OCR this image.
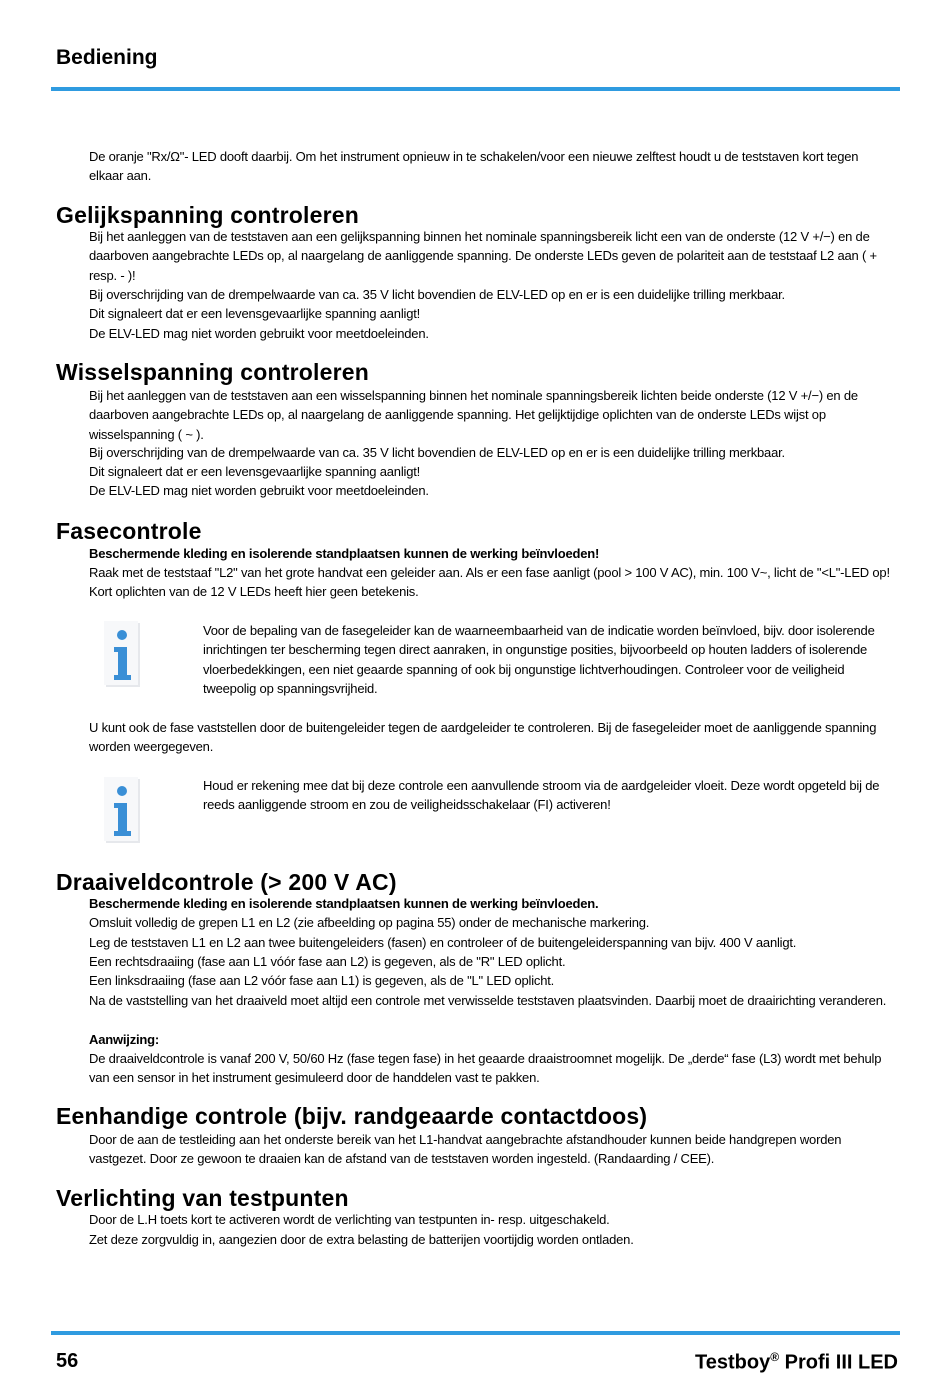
Bediening
De oranje "Rx/Ω"- LED dooft daarbij. Om het instrument opnieuw in te schakelen/voor een nieuwe zelftest houdt u de teststaven kort tegen elkaar aan.
Gelijkspanning controleren
Bij het aanleggen van de teststaven aan een gelijkspanning binnen het nominale spanningsbereik licht een van de onderste (12 V +/−) en de daarboven aangebrachte LEDs op, al naargelang de aanliggende spanning. De onderste LEDs geven de polariteit aan de teststaaf L2 aan ( + resp. - )!
Bij overschrijding van de drempelwaarde van ca. 35 V licht bovendien de ELV-LED op en er is een duidelijke trilling merkbaar.
Dit signaleert dat er een levensgevaarlijke spanning aanligt!
De ELV-LED mag niet worden gebruikt voor meetdoeleinden.
Wisselspanning controleren
Bij het aanleggen van de teststaven aan een wisselspanning binnen het nominale spanningsbereik lichten beide onderste (12 V +/−) en de daarboven aangebrachte LEDs op, al naargelang de aanliggende spanning. Het gelijktijdige oplichten van de onderste LEDs wijst op wisselspanning ( ~ ).
Bij overschrijding van de drempelwaarde van ca. 35 V licht bovendien de ELV-LED op en er is een duidelijke trilling merkbaar.
Dit signaleert dat er een levensgevaarlijke spanning aanligt!
De ELV-LED mag niet worden gebruikt voor meetdoeleinden.
Fasecontrole
Beschermende kleding en isolerende standplaatsen kunnen de werking beïnvloeden!
Raak met de teststaaf "L2" van het grote handvat een geleider aan. Als er een fase aanligt (pool > 100 V AC), min. 100 V~, licht de "<L"-LED op! Kort oplichten van de 12 V LEDs heeft hier geen betekenis.
Voor de bepaling van de fasegeleider kan de waarneembaarheid van de indicatie worden beïnvloed, bijv. door isolerende inrichtingen ter bescherming tegen direct aanraken, in ongunstige posities, bijvoorbeeld op houten ladders of isolerende vloerbedekkingen, een niet geaarde spanning of ook bij ongunstige lichtverhoudingen. Controleer voor de veiligheid tweepolig op spanningsvrijheid.
U kunt ook de fase vaststellen door de buitengeleider tegen de aardgeleider te controleren. Bij de fasegeleider moet de aanliggende spanning worden weergegeven.
Houd er rekening mee dat bij deze controle een aanvullende stroom via de aardgeleider vloeit. Deze wordt opgeteld bij de reeds aanliggende stroom en zou de veiligheidsschakelaar (FI) activeren!
Draaiveldcontrole (> 200 V AC)
Beschermende kleding en isolerende standplaatsen kunnen de werking beïnvloeden.
Omsluit volledig de grepen L1 en L2 (zie afbeelding op pagina 55) onder de mechanische markering.
Leg de teststaven L1 en L2 aan twee buitengeleiders (fasen) en controleer of de buitengeleiderspanning van bijv. 400 V aanligt.
Een rechtsdraaiing (fase aan L1 vóór fase aan L2) is gegeven, als de "R" LED oplicht.
Een linksdraaiing (fase aan L2 vóór fase aan L1) is gegeven, als de "L" LED oplicht.
Na de vaststelling van het draaiveld moet altijd een controle met verwisselde teststaven plaatsvinden. Daarbij moet de draairichting veranderen.
Aanwijzing:
De draaiveldcontrole is vanaf 200 V, 50/60 Hz (fase tegen fase) in het geaarde draaistroomnet mogelijk. De „derde“ fase (L3) wordt met behulp van een sensor in het instrument gesimuleerd door de handdelen vast te pakken.
Eenhandige controle (bijv. randgeaarde contactdoos)
Door de aan de testleiding aan het onderste bereik van het L1-handvat aangebrachte afstandhouder kunnen beide handgrepen worden vastgezet. Door ze gewoon te draaien kan de afstand van de teststaven worden ingesteld. (Randaarding / CEE).
Verlichting van testpunten
Door de L.H toets kort te activeren wordt de verlichting van testpunten in- resp. uitgeschakeld.
Zet deze zorgvuldig in, aangezien door de extra belasting de batterijen voortijdig worden ontladen.
56	Testboy® Profi III LED
